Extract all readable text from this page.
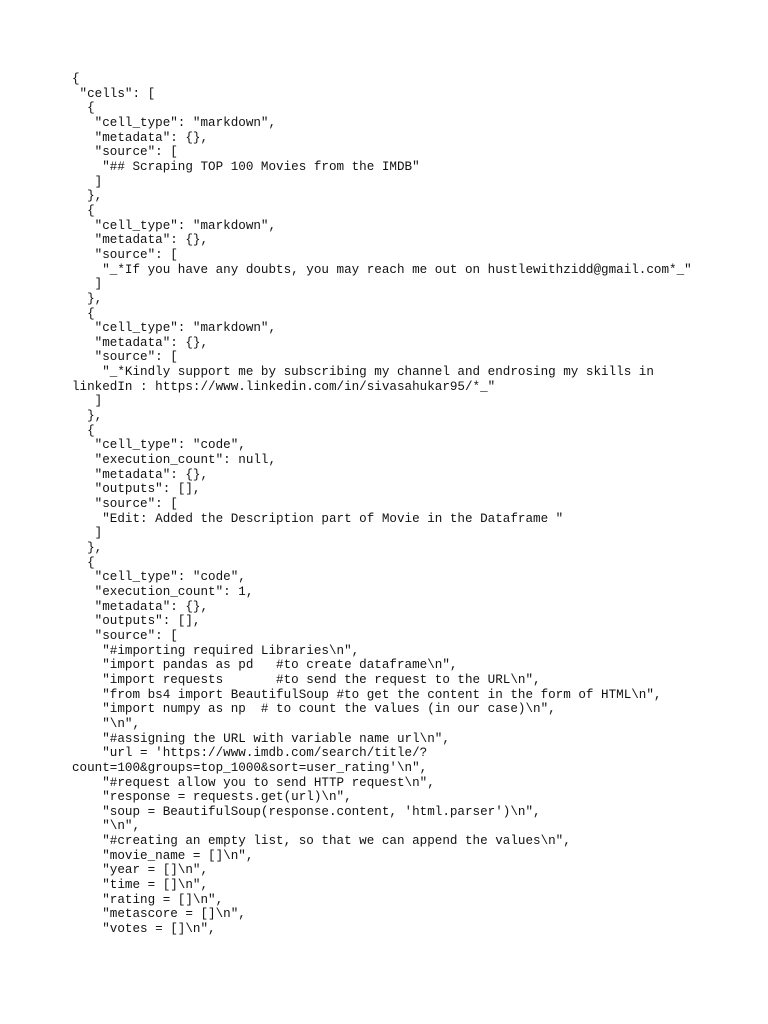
{
"cells": [
{
"cell_type": "markdown",
"metadata": {},
"source": [
"## Scraping TOP 100 Movies from the IMDB"
]
},
{
"cell_type": "markdown",
"metadata": {},
"source": [
"_*If you have any doubts, you may reach me out on hustlewithzidd@gmail.com*_"
]
},
{
"cell_type": "markdown",
"metadata": {},
"source": [
"_*Kindly support me by subscribing my channel and endrosing my skills in
linkedIn : https://www.linkedin.com/in/sivasahukar95/*_"
]
},
{
"cell_type": "code",
"execution_count": null,
"metadata": {},
"outputs": [],
"source": [
"Edit: Added the Description part of Movie in the Dataframe "
]
},
{
"cell_type": "code",
"execution_count": 1,
"metadata": {},
"outputs": [],
"source": [
"#importing required Libraries\n",
"import pandas as pd   #to create dataframe\n",
"import requests       #to send the request to the URL\n",
"from bs4 import BeautifulSoup #to get the content in the form of HTML\n",
"import numpy as np  # to count the values (in our case)\n",
"\n",
"#assigning the URL with variable name url\n",
"url = 'https://www.imdb.com/search/title/?
count=100&groups=top_1000&sort=user_rating'\n",
"#request allow you to send HTTP request\n",
"response = requests.get(url)\n",
"soup = BeautifulSoup(response.content, 'html.parser')\n",
"\n",
"#creating an empty list, so that we can append the values\n",
"movie_name = []\n",
"year = []\n",
"time = []\n",
"rating = []\n",
"metascore = []\n",
"votes = []\n",
